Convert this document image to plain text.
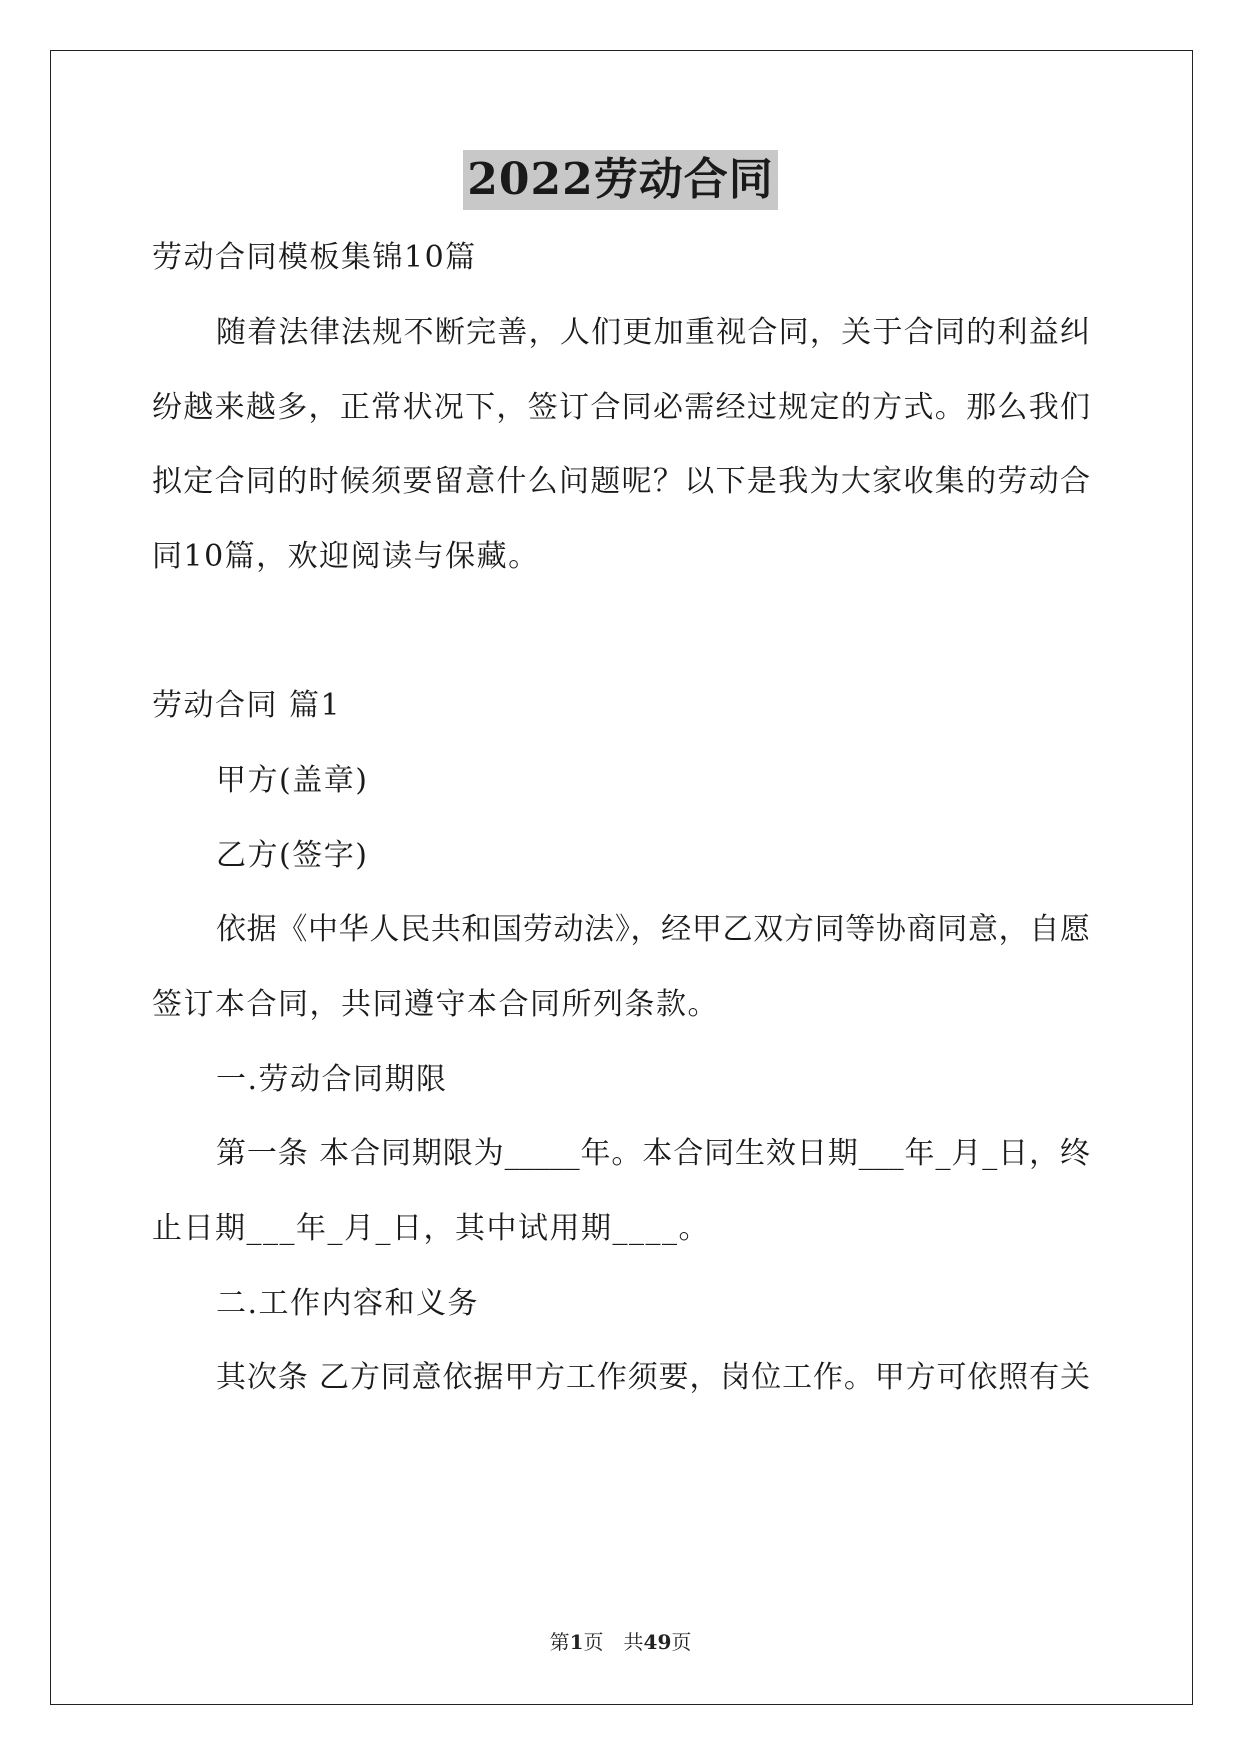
2022劳动合同
劳动合同模板集锦10篇
随着法律法规不断完善，人们更加重视合同，关于合同的利益纠
纷越来越多，正常状况下，签订合同必需经过规定的方式。那么我们
拟定合同的时候须要留意什么问题呢？以下是我为大家收集的劳动合
同10篇，欢迎阅读与保藏。
劳动合同 篇1
甲方(盖章)
乙方(签字)
依据《中华人民共和国劳动法》，经甲乙双方同等协商同意，自愿
签订本合同，共同遵守本合同所列条款。
一.劳动合同期限
第一条 本合同期限为_____年。本合同生效日期___年_月_日，终
止日期___年_月_日，其中试用期____。
二.工作内容和义务
其次条 乙方同意依据甲方工作须要，岗位工作。甲方可依照有关
第1页　共49页
